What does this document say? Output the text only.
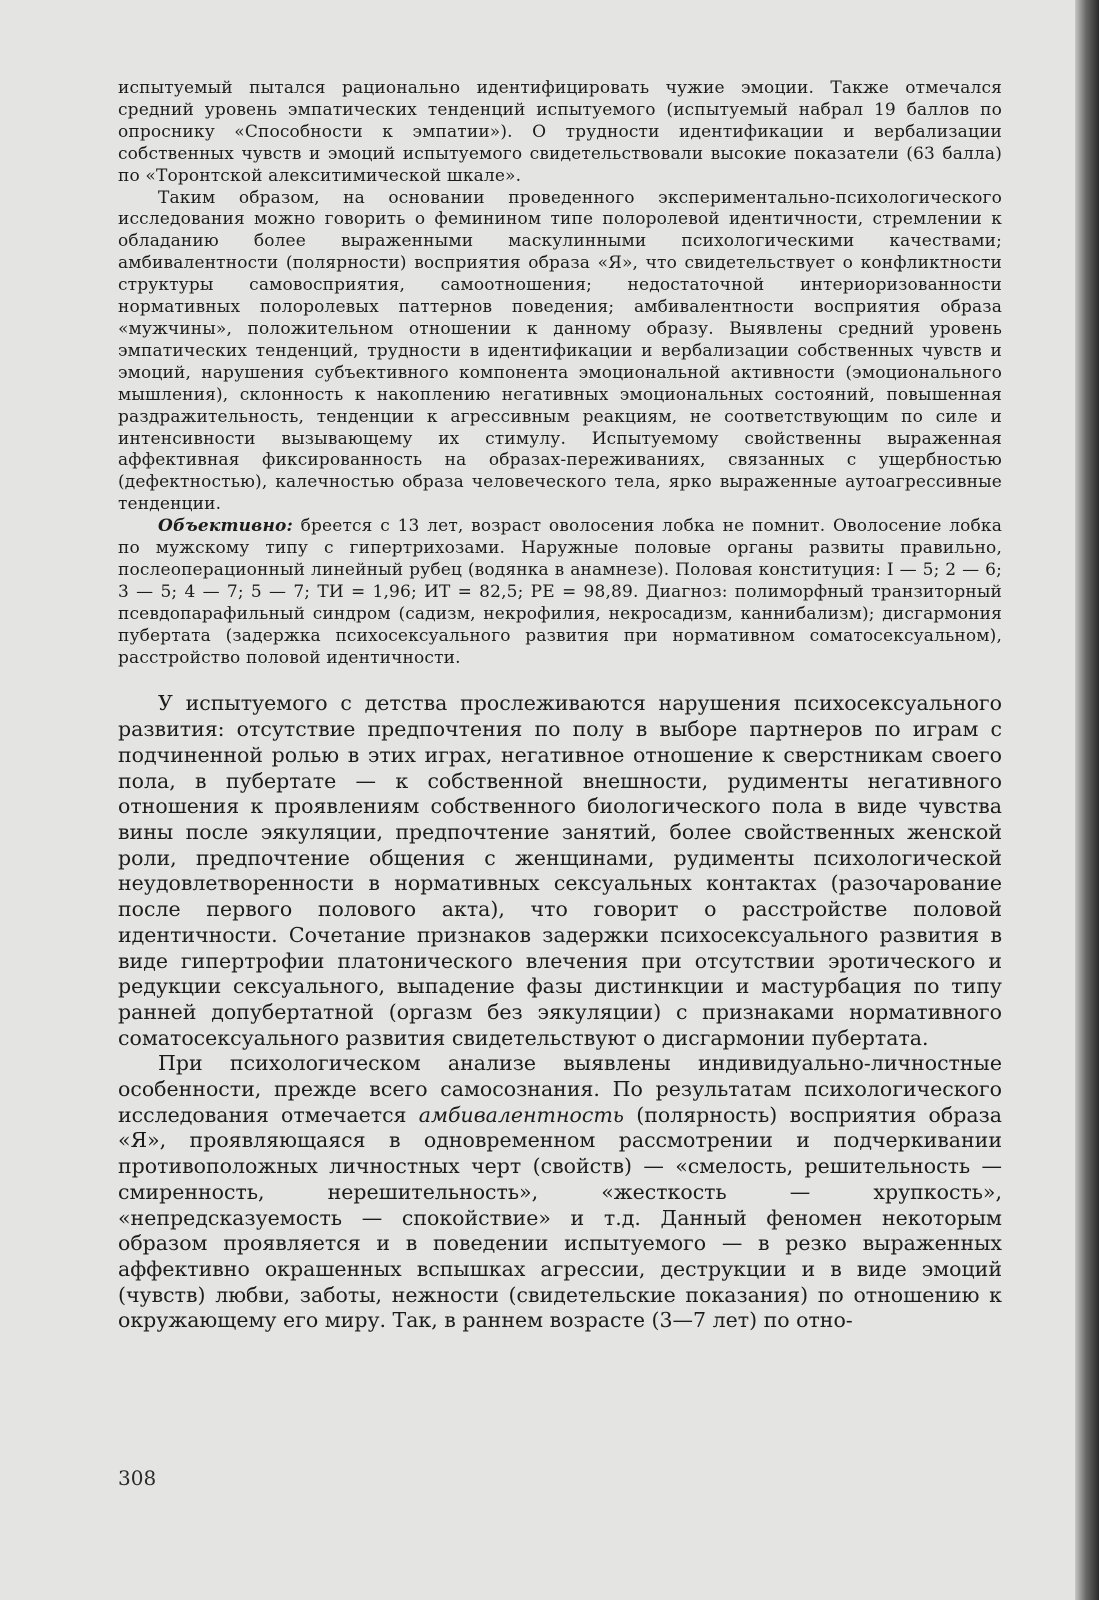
испытуемый пытался рационально идентифицировать чужие эмоции. Также отмечался средний уровень эмпатических тенденций испытуемого (испытуемый набрал 19 баллов по опроснику «Способности к эмпатии»). О трудности идентификации и вербализации собственных чувств и эмоций испытуемого свидетельствовали высокие показатели (63 балла) по «Торонтской алекситимической шкале».

Таким образом, на основании проведенного экспериментально-психологического исследования можно говорить о феминином типе полоролевой идентичности, стремлении к обладанию более выраженными маскулинными психологическими качествами; амбивалентности (полярности) восприятия образа «Я», что свидетельствует о конфликтности структуры самовосприятия, самоотношения; недостаточной интериоризованности нормативных полоролевых паттернов поведения; амбивалентности восприятия образа «мужчины», положительном отношении к данному образу. Выявлены средний уровень эмпатических тенденций, трудности в идентификации и вербализации собственных чувств и эмоций, нарушения субъективного компонента эмоциональной активности (эмоционального мышления), склонность к накоплению негативных эмоциональных состояний, повышенная раздражительность, тенденции к агрессивным реакциям, не соответствующим по силе и интенсивности вызывающему их стимулу. Испытуемому свойственны выраженная аффективная фиксированность на образах-переживаниях, связанных с ущербностью (дефектностью), калечностью образа человеческого тела, ярко выраженные аутоагрессивные тенденции.

Объективно: бреется с 13 лет, возраст оволосения лобка не помнит. Оволосение лобка по мужскому типу с гипертрихозами. Наружные половые органы развиты правильно, послеоперационный линейный рубец (водянка в анамнезе). Половая конституция: I — 5; 2 — 6; 3 — 5; 4 — 7; 5 — 7; ТИ = 1,96; ИТ = 82,5; РЕ = 98,89. Диагноз: полиморфный транзиторный псевдопарафильный синдром (садизм, некрофилия, некросадизм, каннибализм); дисгармония пубертата (задержка психосексуального развития при нормативном соматосексуальном), расстройство половой идентичности.

У испытуемого с детства прослеживаются нарушения психосексуального развития: отсутствие предпочтения по полу в выборе партнеров по играм с подчиненной ролью в этих играх, негативное отношение к сверстникам своего пола, в пубертате — к собственной внешности, рудименты негативного отношения к проявлениям собственного биологического пола в виде чувства вины после эякуляции, предпочтение занятий, более свойственных женской роли, предпочтение общения с женщинами, рудименты психологической неудовлетворенности в нормативных сексуальных контактах (разочарование после первого полового акта), что говорит о расстройстве половой идентичности. Сочетание признаков задержки психосексуального развития в виде гипертрофии платонического влечения при отсутствии эротического и редукции сексуального, выпадение фазы дистинкции и мастурбация по типу ранней допубертатной (оргазм без эякуляции) с признаками нормативного соматосексуального развития свидетельствуют о дисгармонии пубертата.

При психологическом анализе выявлены индивидуально-личностные особенности, прежде всего самосознания. По результатам психологического исследования отмечается амбивалентность (полярность) восприятия образа «Я», проявляющаяся в одновременном рассмотрении и подчеркивании противоположных личностных черт (свойств) — «смелость, решительность — смиренность, нерешительность», «жесткость — хрупкость», «непредсказуемость — спокойствие» и т.д. Данный феномен некоторым образом проявляется и в поведении испытуемого — в резко выраженных аффективно окрашенных вспышках агрессии, деструкции и в виде эмоций (чувств) любви, заботы, нежности (свидетельские показания) по отношению к окружающему его миру. Так, в раннем возрасте (3—7 лет) по отно-

308
